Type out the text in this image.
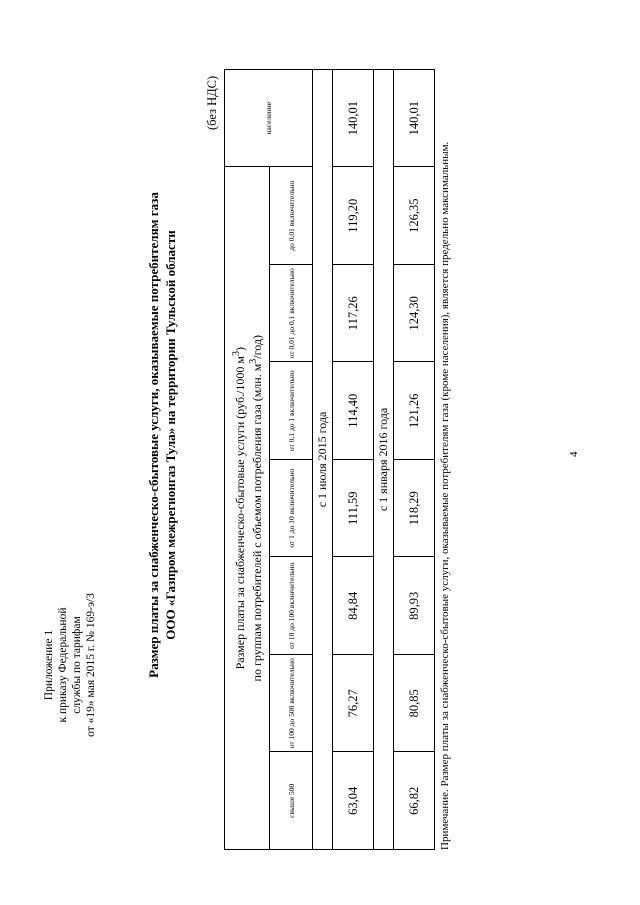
Приложение 1 к приказу Федеральной службы по тарифам от «19» мая 2015 г. № 169-э/3	Размер платы за снабженческо-сбытовые услуги, оказываемые потребителям газа ООО «Газпром межрегионгаз Тула» на территории Тульской области
(без НДС)
Размер платы за снабженческо-сбытовые услуги (руб./1000 $м^3$)
по группам потребителей с объемом потребления газа (млн. $м^3/год$)							население
свыше 500	от 100 до 500 включительно	от 10 до 100 включительно	от 1 до 10 включительно	от 0,1 до 1 включительно	от 0,01 до 0,1 включительно	до 0,01 включительно	
с 1 июля 2015 года							
63,04	76,27	84,84	111,59	114,40	117,26	119,20	140,01
с 1 января 2016 года							
66,82	80,85	89,93	118,29	121,26	124,30	126,35	140,01
Примечание. Размер платы за снабженческо-сбытовые услуги, оказываемые потребителям газа (кроме населения), является предельно максимальным.	4
